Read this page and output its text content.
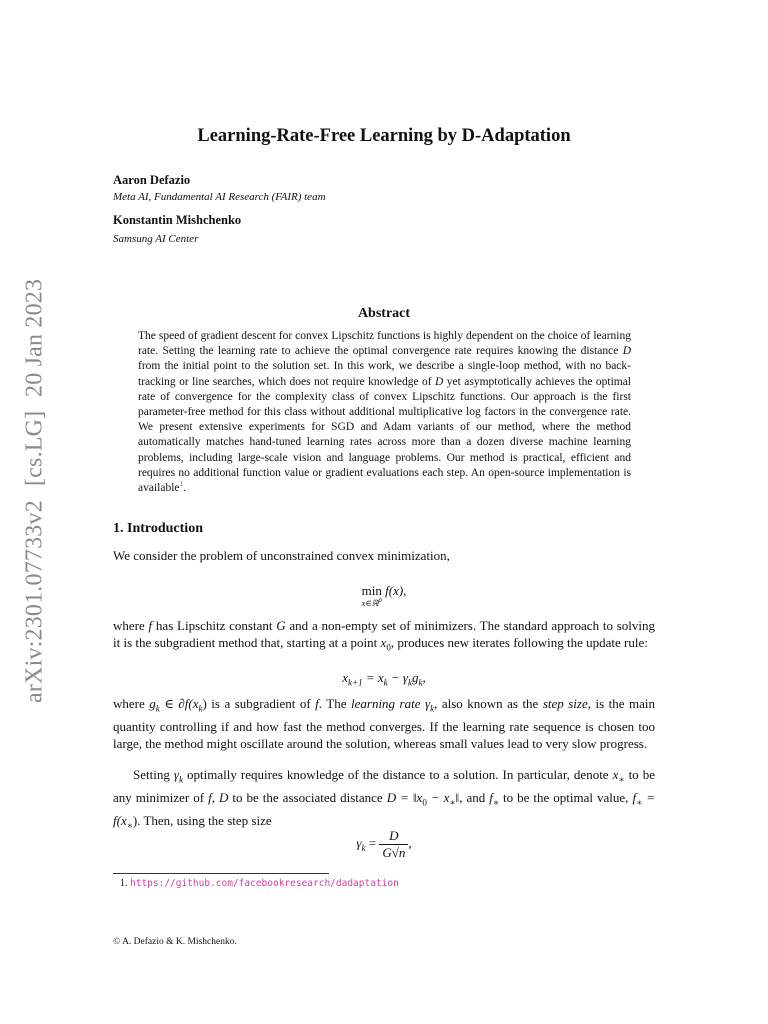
arXiv:2301.07733v2
[cs.LG]
20 Jan 2023
Learning-Rate-Free Learning by D-Adaptation
Aaron Defazio
Meta AI, Fundamental AI Research (FAIR) team
Konstantin Mishchenko
Samsung AI Center
Abstract
The speed of gradient descent for convex Lipschitz functions is highly dependent on the choice of learning rate. Setting the learning rate to achieve the optimal convergence rate requires knowing the distance D from the initial point to the solution set. In this work, we describe a single-loop method, with no back-tracking or line searches, which does not require knowledge of D yet asymptotically achieves the optimal rate of convergence for the complexity class of convex Lipschitz functions. Our approach is the first parameter-free method for this class without additional multiplicative log factors in the convergence rate. We present extensive experiments for SGD and Adam variants of our method, where the method automatically matches hand-tuned learning rates across more than a dozen diverse machine learning problems, including large-scale vision and language problems. Our method is practical, efficient and requires no additional function value or gradient evaluations each step. An open-source implementation is available$^1$.
1. Introduction
We consider the problem of unconstrained convex minimization,
min
x∈ℝ$^p$
f(x),
where f has Lipschitz constant G and a non-empty set of minimizers. The standard approach to solving it is the subgradient method that, starting at a point $x_0$, produces new iterates following the update rule:
$x_{k+1} = x_k - \gamma_kg_k$,
where $g_k$ ∈ $\partial f(x_k)$ is a subgradient of f. The learning rate $\gamma_k$, also known as the step size, is the main quantity controlling if and how fast the method converges. If the learning rate sequence is chosen too large, the method might oscillate around the solution, whereas small values lead to very slow progress.
Setting $\gamma_k$ optimally requires knowledge of the distance to a solution. In particular, denote $x_∗$ to be any minimizer of f, D to be the associated distance $D = ‖x_0$ − $x_∗‖$, and $f_∗$ to be the optimal value, $f_∗ = f(x_∗)$. Then, using the step size
$\gamma_k = \frac{D}{G√n}$ ,
1. https://github.com/facebookresearch/dadaptation
© A. Defazio & K. Mishchenko.
